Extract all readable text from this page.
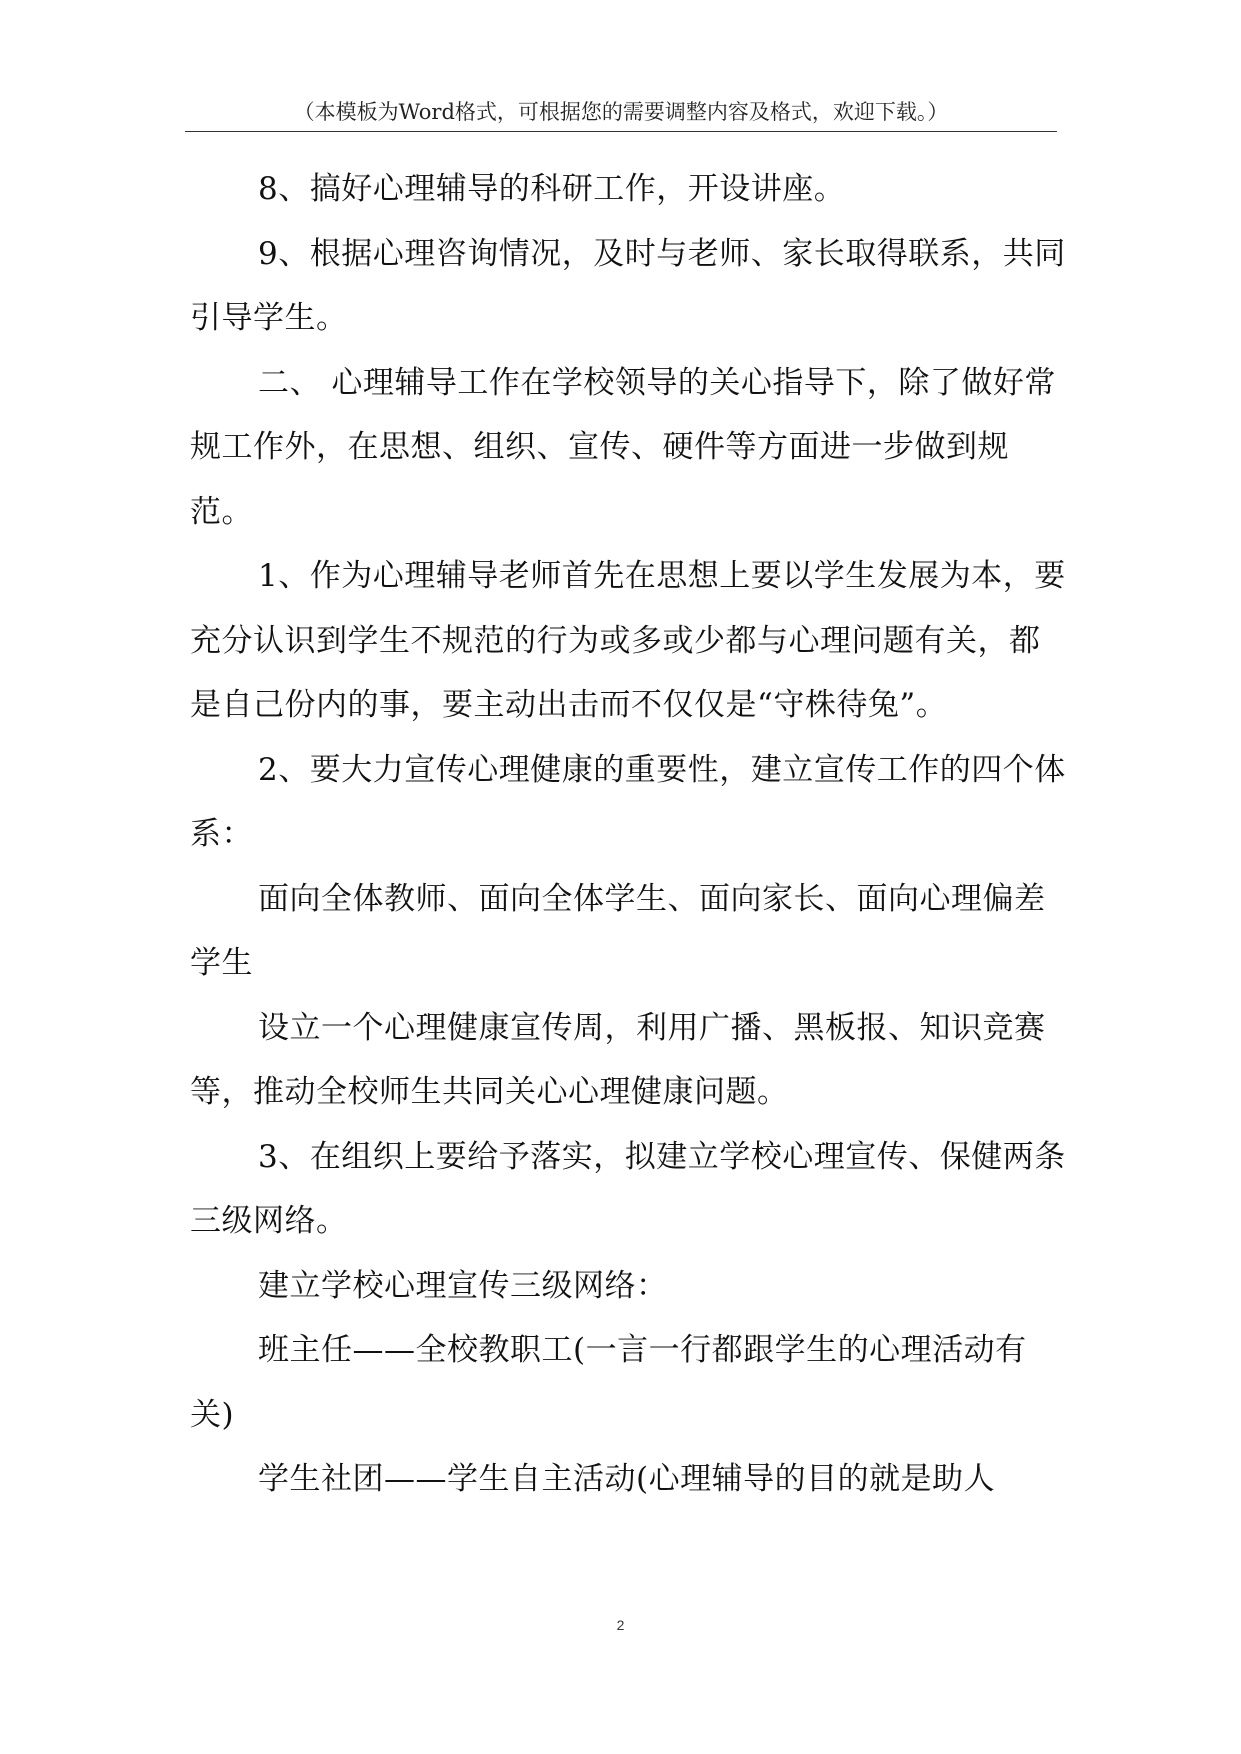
（本模板为Word格式，可根据您的需要调整内容及格式，欢迎下载。）

8、搞好心理辅导的科研工作，开设讲座。

9、根据心理咨询情况，及时与老师、家长取得联系，共同引导学生。

二、 心理辅导工作在学校领导的关心指导下，除了做好常规工作外，在思想、组织、宣传、硬件等方面进一步做到规范。

1、作为心理辅导老师首先在思想上要以学生发展为本，要充分认识到学生不规范的行为或多或少都与心理问题有关，都是自己份内的事，要主动出击而不仅仅是“守株待兔”。

2、要大力宣传心理健康的重要性，建立宣传工作的四个体系：

面向全体教师、面向全体学生、面向家长、面向心理偏差学生

设立一个心理健康宣传周，利用广播、黑板报、知识竞赛等，推动全校师生共同关心心理健康问题。

3、在组织上要给予落实，拟建立学校心理宣传、保健两条三级网络。

建立学校心理宣传三级网络：

班主任——全校教职工(一言一行都跟学生的心理活动有关)

学生社团——学生自主活动(心理辅导的目的就是助人

2
